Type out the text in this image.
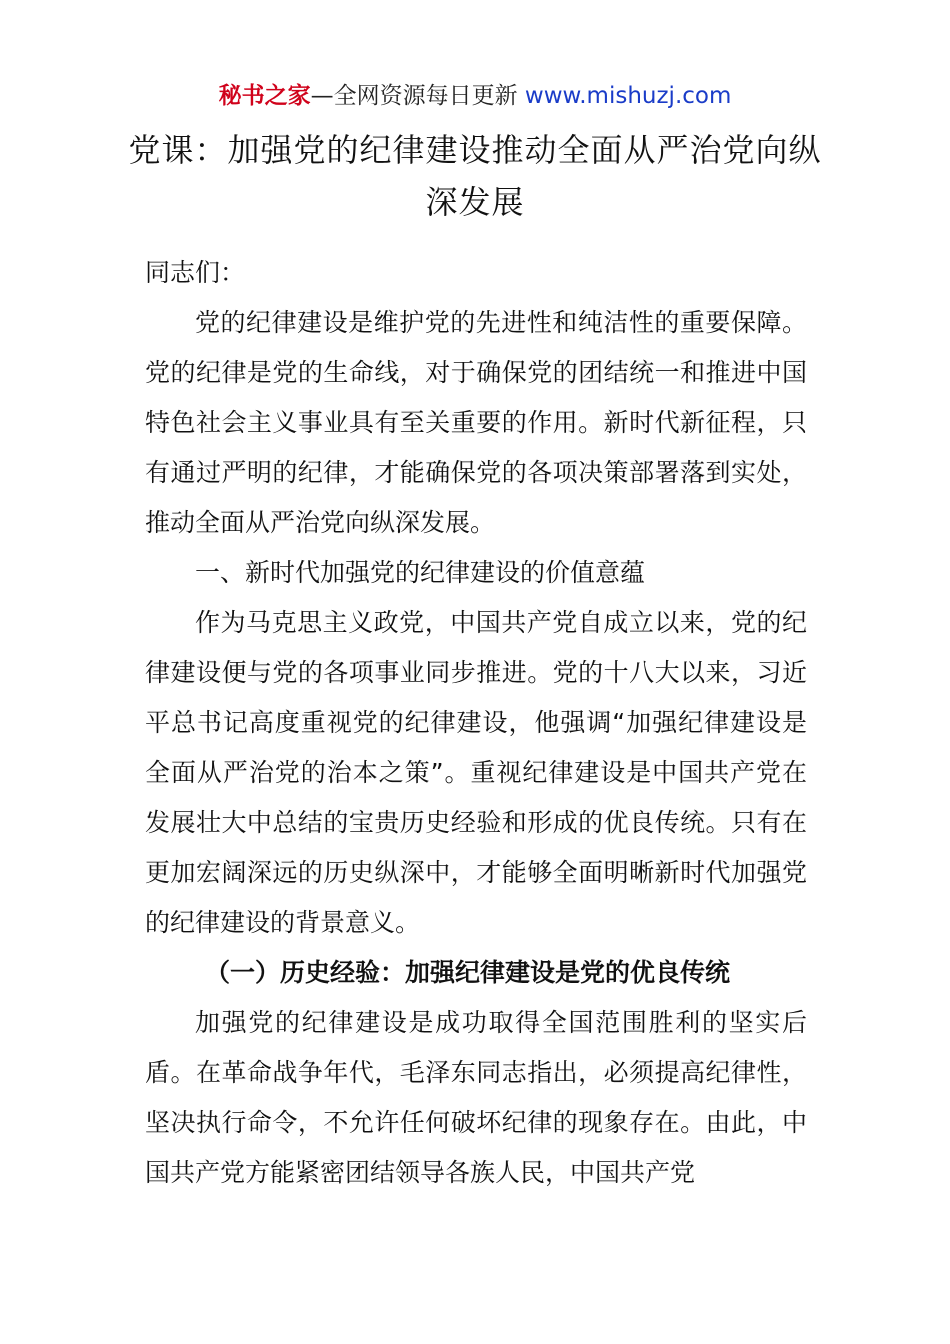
秘书之家—全网资源每日更新 www.mishuzj.com
党课：加强党的纪律建设推动全面从严治党向纵深发展

同志们：

党的纪律建设是维护党的先进性和纯洁性的重要保障。党的纪律是党的生命线，对于确保党的团结统一和推进中国特色社会主义事业具有至关重要的作用。新时代新征程，只有通过严明的纪律，才能确保党的各项决策部署落到实处，推动全面从严治党向纵深发展。

一、新时代加强党的纪律建设的价值意蕴

作为马克思主义政党，中国共产党自成立以来，党的纪律建设便与党的各项事业同步推进。党的十八大以来，习近平总书记高度重视党的纪律建设，他强调“加强纪律建设是全面从严治党的治本之策”。重视纪律建设是中国共产党在发展壮大中总结的宝贵历史经验和形成的优良传统。只有在更加宏阔深远的历史纵深中，才能够全面明晰新时代加强党的纪律建设的背景意义。

（一）历史经验：加强纪律建设是党的优良传统

加强党的纪律建设是成功取得全国范围胜利的坚实后盾。在革命战争年代，毛泽东同志指出，必须提高纪律性，坚决执行命令，不允许任何破坏纪律的现象存在。由此，中国共产党方能紧密团结领导各族人民，中国共产党
